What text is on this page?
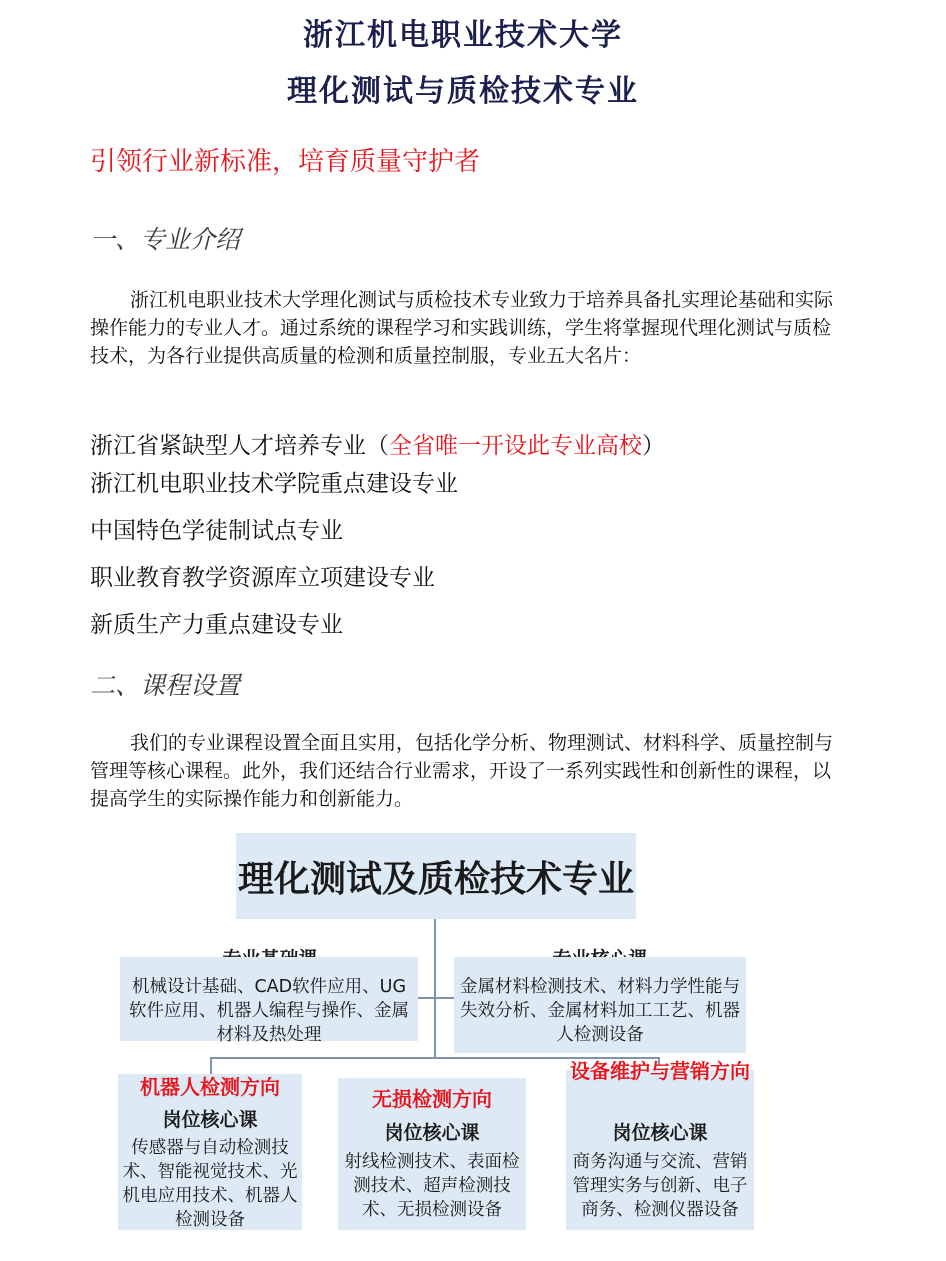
浙江机电职业技术大学
理化测试与质检技术专业
引领行业新标准，培育质量守护者
一、专业介绍

浙江机电职业技术大学理化测试与质检技术专业致力于培养具备扎实理论基础和实际操作能力的专业人才。通过系统的课程学习和实践训练，学生将掌握现代理化测试与质检技术，为各行业提供高质量的检测和质量控制服，专业五大名片：

浙江省紧缺型人才培养专业（全省唯一开设此专业高校）
浙江机电职业技术学院重点建设专业
中国特色学徒制试点专业
职业教育教学资源库立项建设专业
新质生产力重点建设专业
二、课程设置

我们的专业课程设置全面且实用，包括化学分析、物理测试、材料科学、质量控制与管理等核心课程。此外，我们还结合行业需求，开设了一系列实践性和创新性的课程，以提高学生的实际操作能力和创新能力。

理化测试及质检技术专业
机械设计基础、CAD软件应用、UG软件应用、机器人编程与操作、金属材料及热处理
金属材料检测技术、材料力学性能与失效分析、金属材料加工工艺、机器人检测设备
机器人检测方向
岗位核心课
传感器与自动检测技术、智能视觉技术、光机电应用技术、机器人检测设备
无损检测方向
岗位核心课
射线检测技术、表面检测技术、超声检测技术、无损检测设备
设备维护与营销方向
岗位核心课
商务沟通与交流、营销管理实务与创新、电子商务、检测仪器设备
